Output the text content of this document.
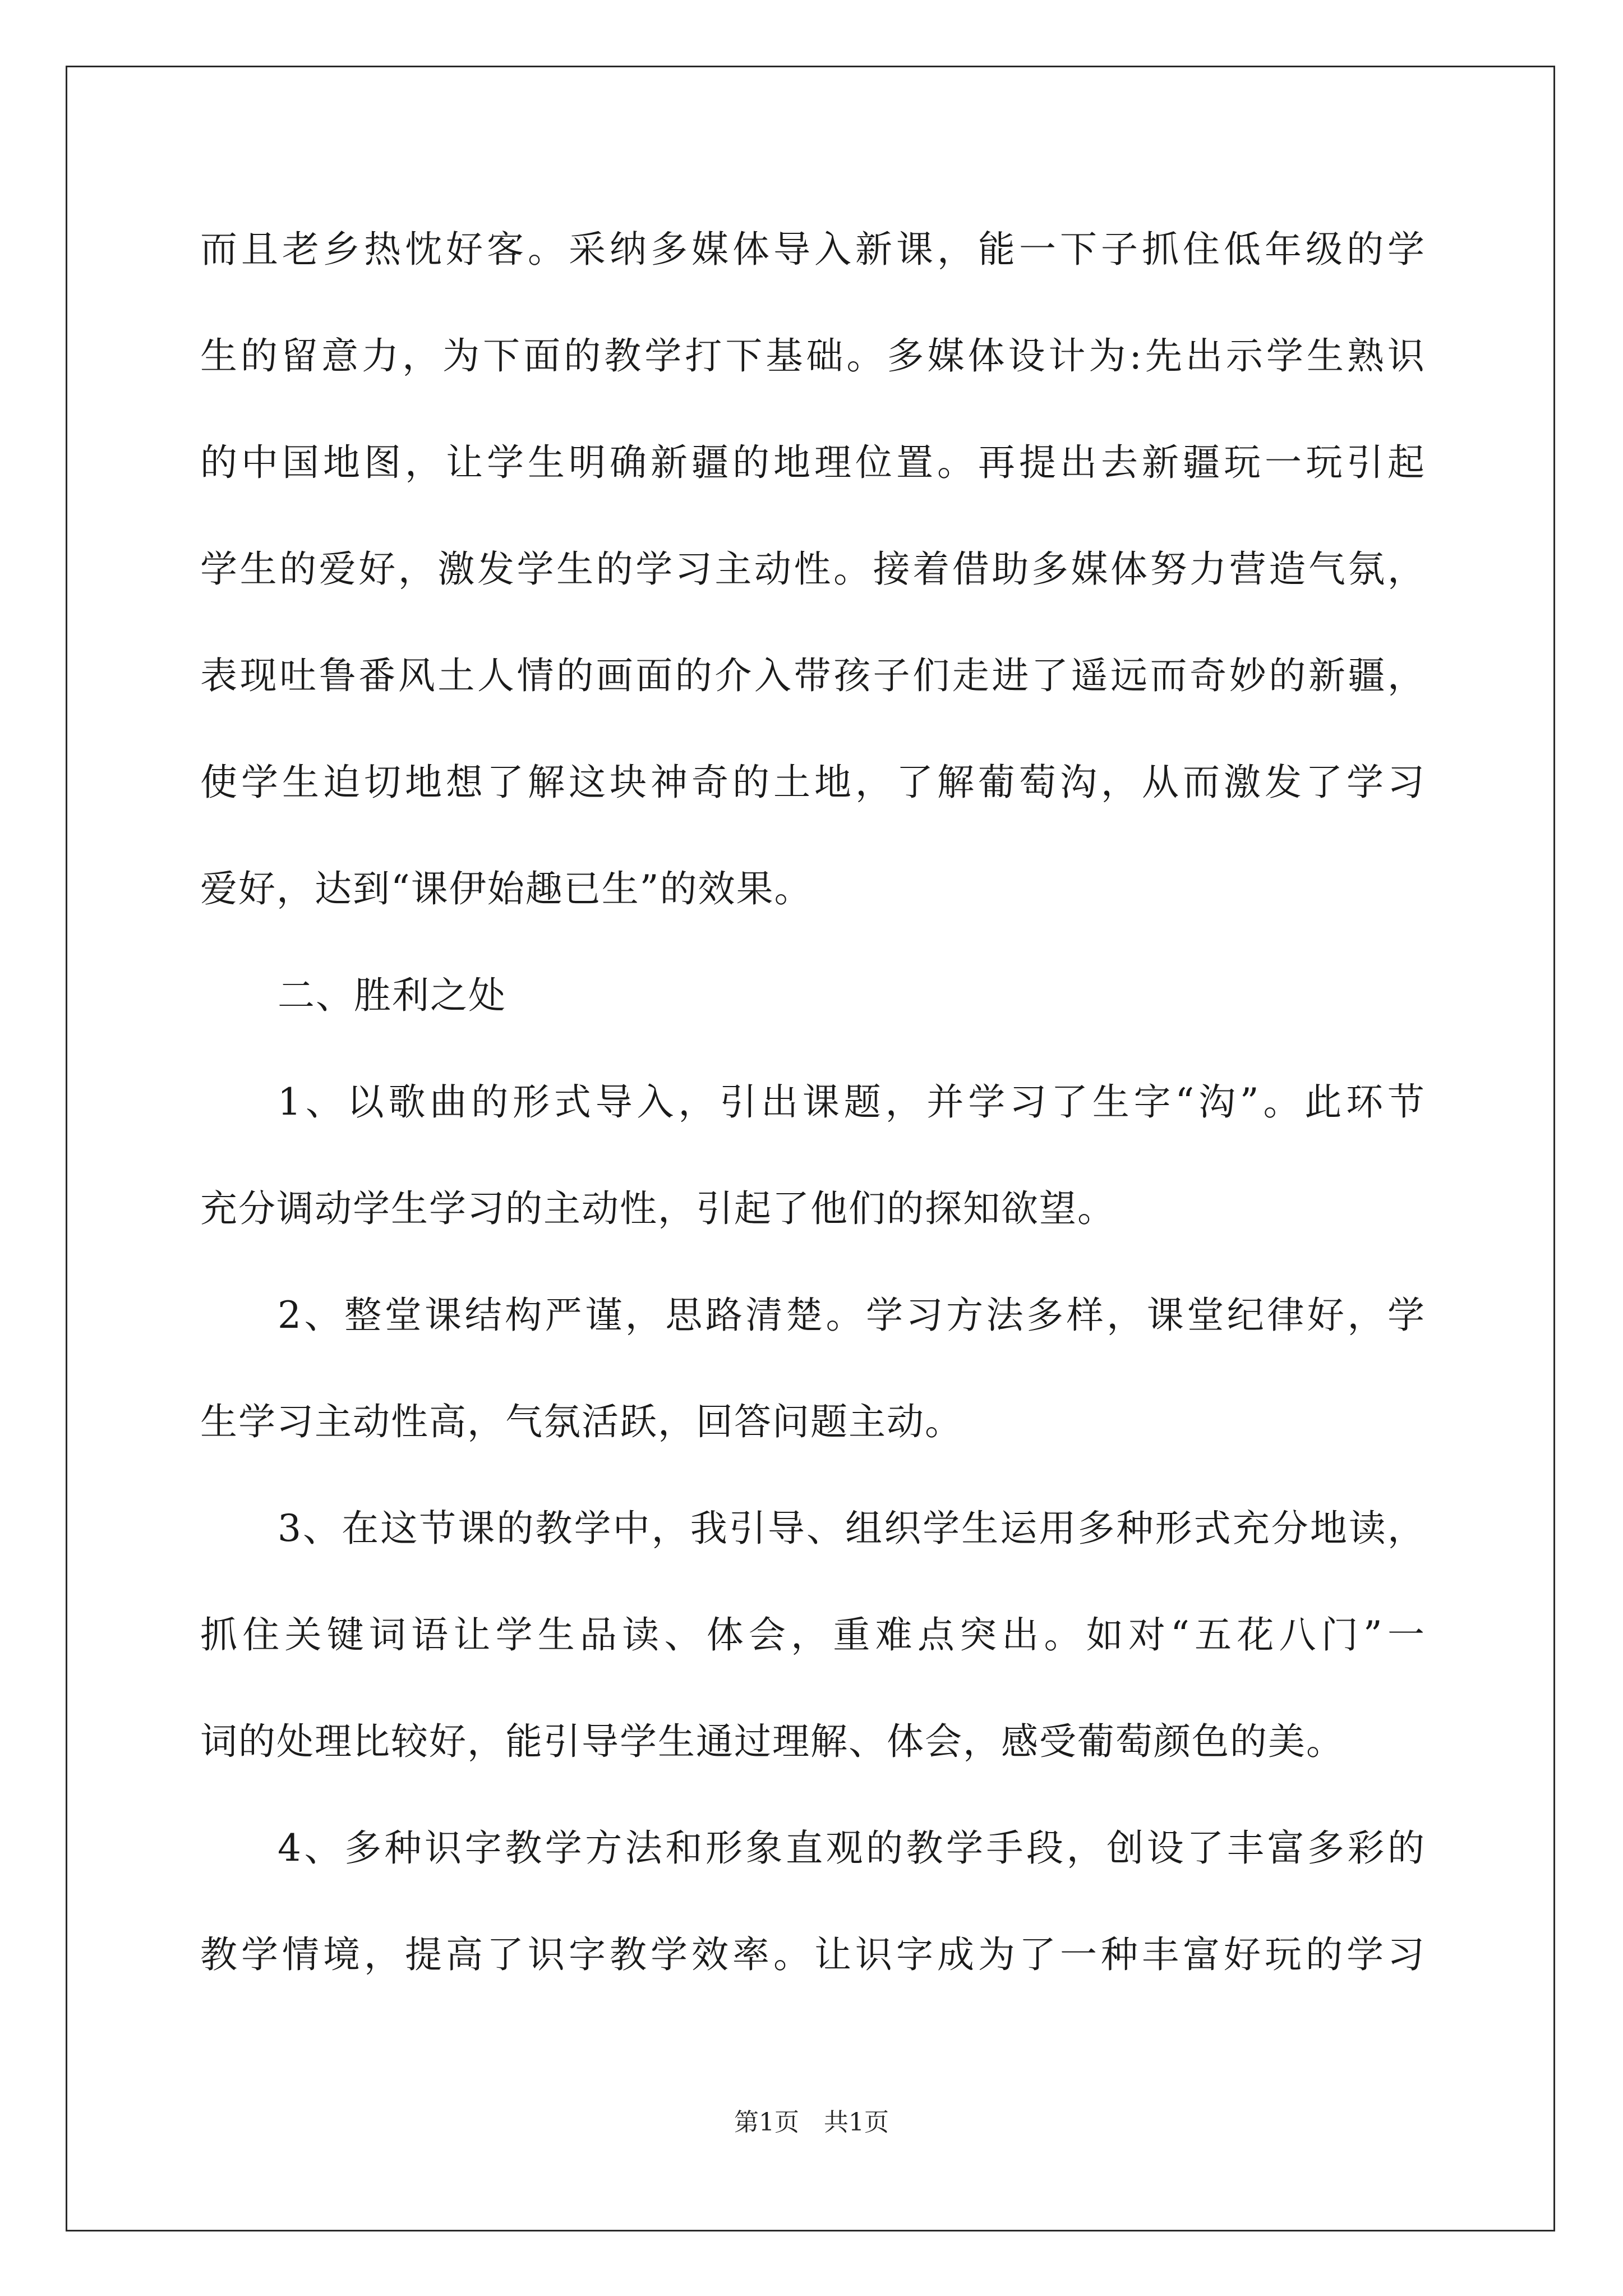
而且老乡热忱好客。采纳多媒体导入新课，能一下子抓住低年级的学
生的留意力，为下面的教学打下基础。多媒体设计为:先出示学生熟识
的中国地图，让学生明确新疆的地理位置。再提出去新疆玩一玩引起
学生的爱好，激发学生的学习主动性。接着借助多媒体努力营造气氛，
表现吐鲁番风土人情的画面的介入带孩子们走进了遥远而奇妙的新疆，
使学生迫切地想了解这块神奇的土地，了解葡萄沟，从而激发了学习
爱好，达到“课伊始趣已生”的效果。
二、胜利之处
1、以歌曲的形式导入，引出课题，并学习了生字“沟”。此环节
充分调动学生学习的主动性，引起了他们的探知欲望。
2、整堂课结构严谨，思路清楚。学习方法多样，课堂纪律好，学
生学习主动性高，气氛活跃，回答问题主动。
3、在这节课的教学中，我引导、组织学生运用多种形式充分地读，
抓住关键词语让学生品读、体会，重难点突出。如对“五花八门”一
词的处理比较好，能引导学生通过理解、体会，感受葡萄颜色的美。
4、多种识字教学方法和形象直观的教学手段，创设了丰富多彩的
教学情境，提高了识字教学效率。让识字成为了一种丰富好玩的学习
第1页 共1页
